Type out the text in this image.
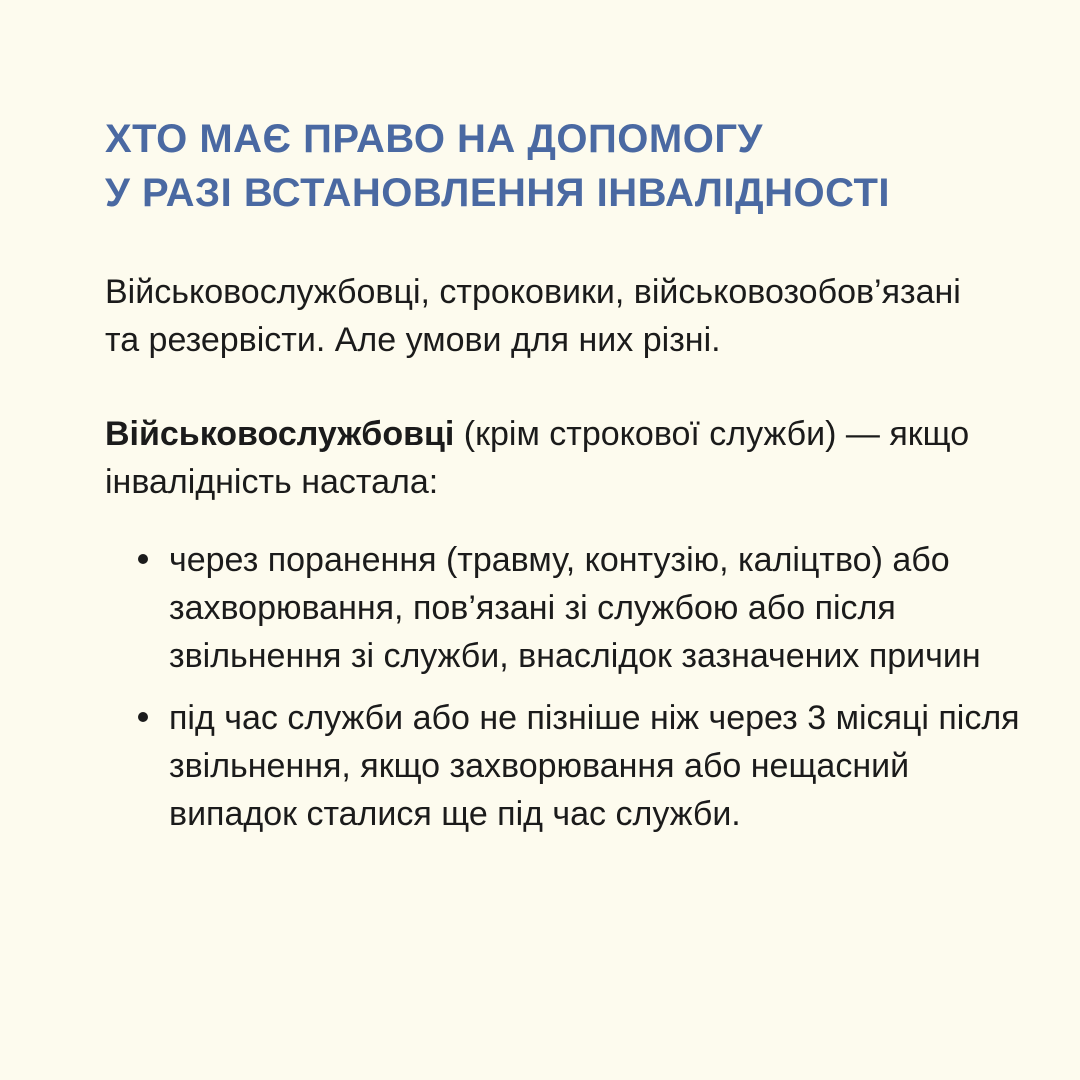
ХТО МАЄ ПРАВО НА ДОПОМОГУ
У РАЗІ ВСТАНОВЛЕННЯ ІНВАЛІДНОСТІ

Військовослужбовці, строковики, військовозобов’язані та резервісти. Але умови для них різні.

Військовослужбовці (крім строкової служби) — якщо інвалідність настала:

через поранення (травму, контузію, каліцтво) або захворювання, пов’язані зі службою або після звільнення зі служби, внаслідок зазначених причин
під час служби або не пізніше ніж через 3 місяці після звільнення, якщо захворювання або нещасний випадок сталися ще під час служби.
